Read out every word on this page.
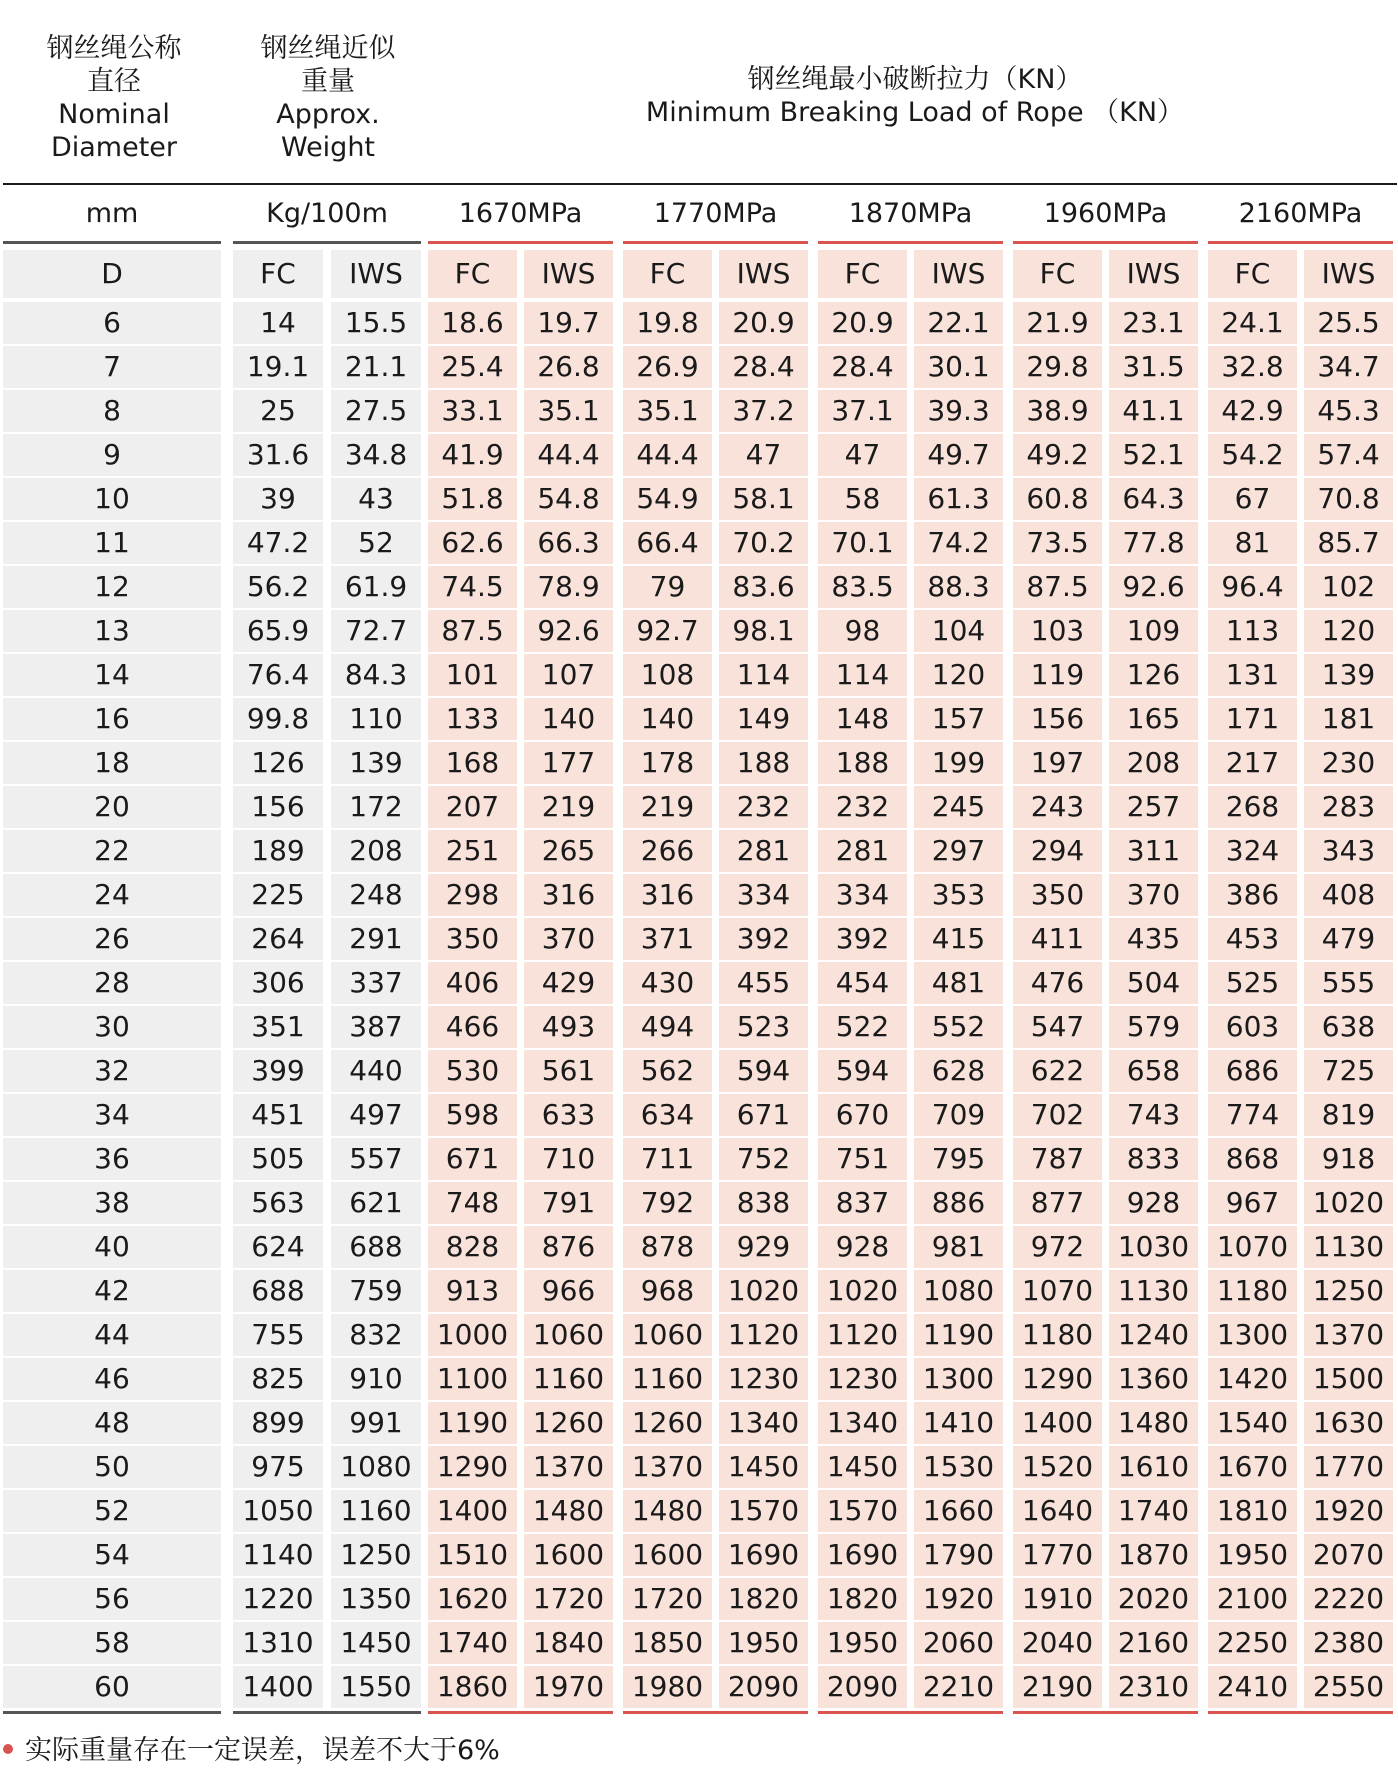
钢丝绳公称
直径
Nominal
Diameter
钢丝绳近似
重量
Approx.
Weight
钢丝绳最小破断拉力（KN）
Minimum Breaking Load of Rope （KN）
mm	Kg/100m	1670MPa	1770MPa	1870MPa	1960MPa	2160MPa
D	FC	IWS	FC	IWS	FC	IWS	FC	IWS	FC	IWS	FC	IWS
6	14	15.5	18.6	19.7	19.8	20.9	20.9	22.1	21.9	23.1	24.1	25.5
7	19.1	21.1	25.4	26.8	26.9	28.4	28.4	30.1	29.8	31.5	32.8	34.7
8	25	27.5	33.1	35.1	35.1	37.2	37.1	39.3	38.9	41.1	42.9	45.3
9	31.6	34.8	41.9	44.4	44.4	47	47	49.7	49.2	52.1	54.2	57.4
10	39	43	51.8	54.8	54.9	58.1	58	61.3	60.8	64.3	67	70.8
11	47.2	52	62.6	66.3	66.4	70.2	70.1	74.2	73.5	77.8	81	85.7
12	56.2	61.9	74.5	78.9	79	83.6	83.5	88.3	87.5	92.6	96.4	102
13	65.9	72.7	87.5	92.6	92.7	98.1	98	104	103	109	113	120
14	76.4	84.3	101	107	108	114	114	120	119	126	131	139
16	99.8	110	133	140	140	149	148	157	156	165	171	181
18	126	139	168	177	178	188	188	199	197	208	217	230
20	156	172	207	219	219	232	232	245	243	257	268	283
22	189	208	251	265	266	281	281	297	294	311	324	343
24	225	248	298	316	316	334	334	353	350	370	386	408
26	264	291	350	370	371	392	392	415	411	435	453	479
28	306	337	406	429	430	455	454	481	476	504	525	555
30	351	387	466	493	494	523	522	552	547	579	603	638
32	399	440	530	561	562	594	594	628	622	658	686	725
34	451	497	598	633	634	671	670	709	702	743	774	819
36	505	557	671	710	711	752	751	795	787	833	868	918
38	563	621	748	791	792	838	837	886	877	928	967	1020
40	624	688	828	876	878	929	928	981	972	1030 1070 1130
42	688	759	913	966	968	1020 1020 1080 1070 1130 1180 1250
44	755	832	1000 1060 1060 1120 1120 1190 1180 1240 1300 1370
46	825	910	1100 1160 1160 1230 1230 1300 1290 1360 1420 1500
48	899	991	1190 1260 1260 1340 1340 1410 1400 1480 1540 1630
50	975	1080 1290 1370 1370 1450 1450 1530 1520 1610 1670 1770
52	1050 1160 1400 1480 1480 1570 1570 1660 1640 1740 1810 1920
54	1140 1250 1510 1600 1600 1690 1690 1790 1770 1870 1950 2070
56	1220 1350 1620 1720 1720 1820 1820 1920 1910 2020 2100 2220
58	1310 1450 1740 1840 1850 1950 1950 2060 2040 2160 2250 2380
60	1400 1550 1860 1970 1980 2090 2090 2210 2190 2310 2410 2550
实际重量存在一定误差，误差不大于6%
